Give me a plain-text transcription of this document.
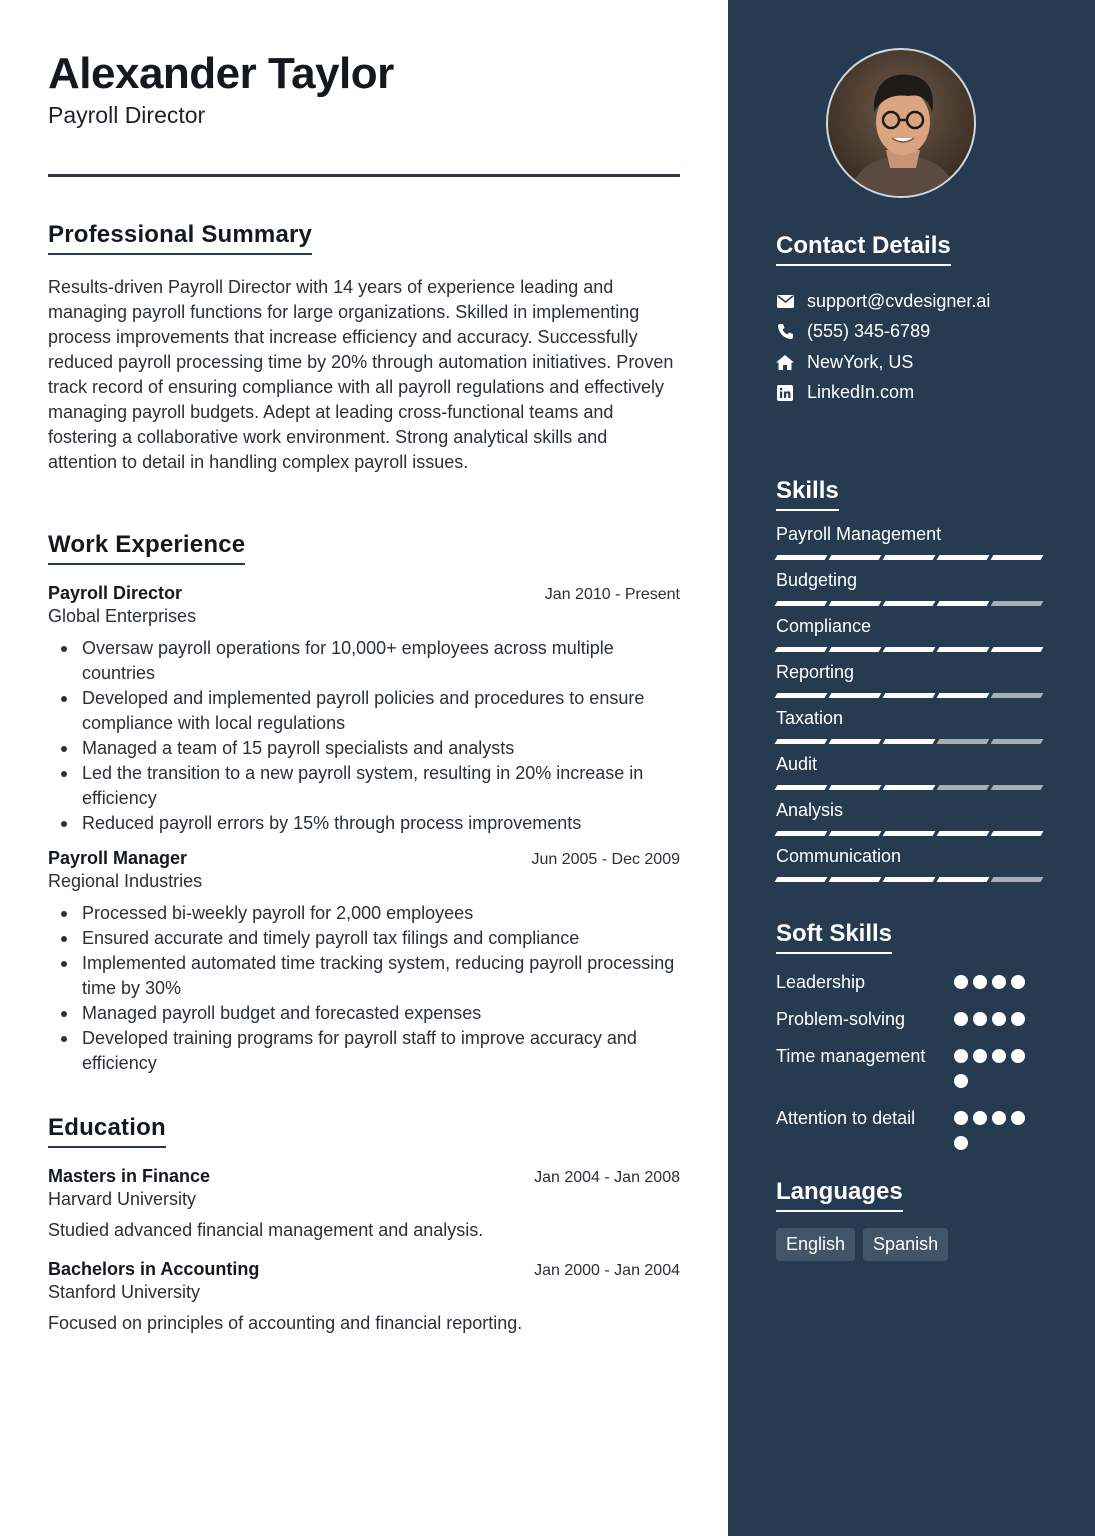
Alexander Taylor
Payroll Director
Professional Summary

Results-driven Payroll Director with 14 years of experience leading and managing payroll functions for large organizations. Skilled in implementing process improvements that increase efficiency and accuracy. Successfully reduced payroll processing time by 20% through automation initiatives. Proven track record of ensuring compliance with all payroll regulations and effectively managing payroll budgets. Adept at leading cross-functional teams and fostering a collaborative work environment. Strong analytical skills and attention to detail in handling complex payroll issues.

Work Experience
Payroll Director	Jan 2010 - Present
Global Enterprises
Oversaw payroll operations for 10,000+ employees across multiple countries
Developed and implemented payroll policies and procedures to ensure compliance with local regulations
Managed a team of 15 payroll specialists and analysts
Led the transition to a new payroll system, resulting in 20% increase in efficiency
Reduced payroll errors by 15% through process improvements
Payroll Manager	Jun 2005 - Dec 2009
Regional Industries
Processed bi-weekly payroll for 2,000 employees
Ensured accurate and timely payroll tax filings and compliance
Implemented automated time tracking system, reducing payroll processing time by 30%
Managed payroll budget and forecasted expenses
Developed training programs for payroll staff to improve accuracy and efficiency
Education
Masters in Finance	Jan 2004 - Jan 2008
Harvard University
Studied advanced financial management and analysis.
Bachelors in Accounting	Jan 2000 - Jan 2004
Stanford University
Focused on principles of accounting and financial reporting.
Contact Details
support@cvdesigner.ai
(555) 345-6789
NewYork, US
LinkedIn.com
Skills
Payroll Management
Budgeting
Compliance
Reporting
Taxation
Audit
Analysis
Communication
Soft Skills
Leadership
Problem-solving
Time management
Attention to detail
Languages
English	Spanish
